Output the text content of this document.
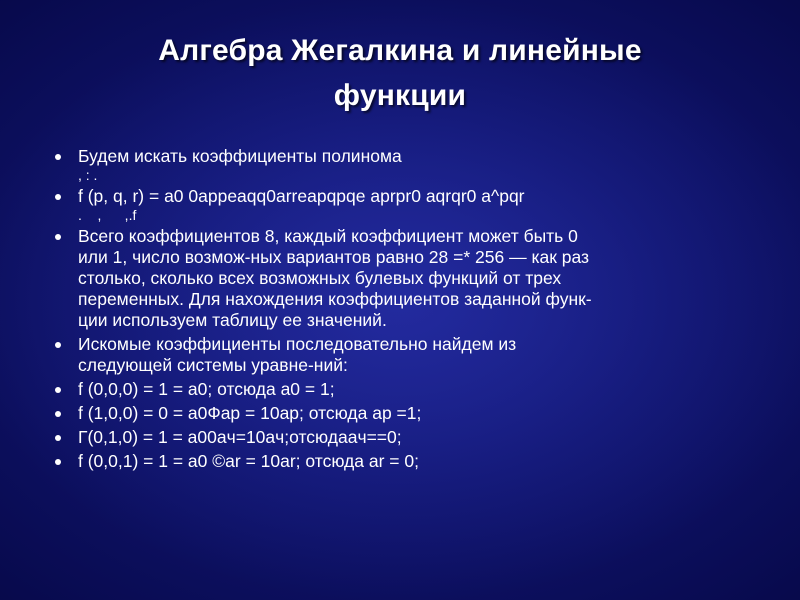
Алгебра Жегалкина и линейные
функции
Будем искать коэффициенты полинома
, : .
f (p, q, r) = a0 0appeaqq0arreapqpqe aprpr0 aqrqr0 a^pqr
.    ,      ,.f
Всего коэффициентов 8, каждый коэффициент может быть 0
или 1, число возмож-ных вариантов равно 28 =* 256 — как раз
столько, сколько всех возможных булевых функций от трех
переменных. Для нахождения коэффициентов заданной функ-
ции используем таблицу ее значений.
Искомые коэффициенты последовательно найдем из
следующей системы уравне-ний:
f (0,0,0) = 1 = a0; отсюда a0 = 1;
f (1,0,0) = 0 = a0Фap = 10ap; отсюда ap =1;
Г(0,1,0) = 1 = a00aч=10aч;отсюдаaч==0;
f (0,0,1) = 1 = a0 ©ar = 10ar; отсюда ar = 0;
